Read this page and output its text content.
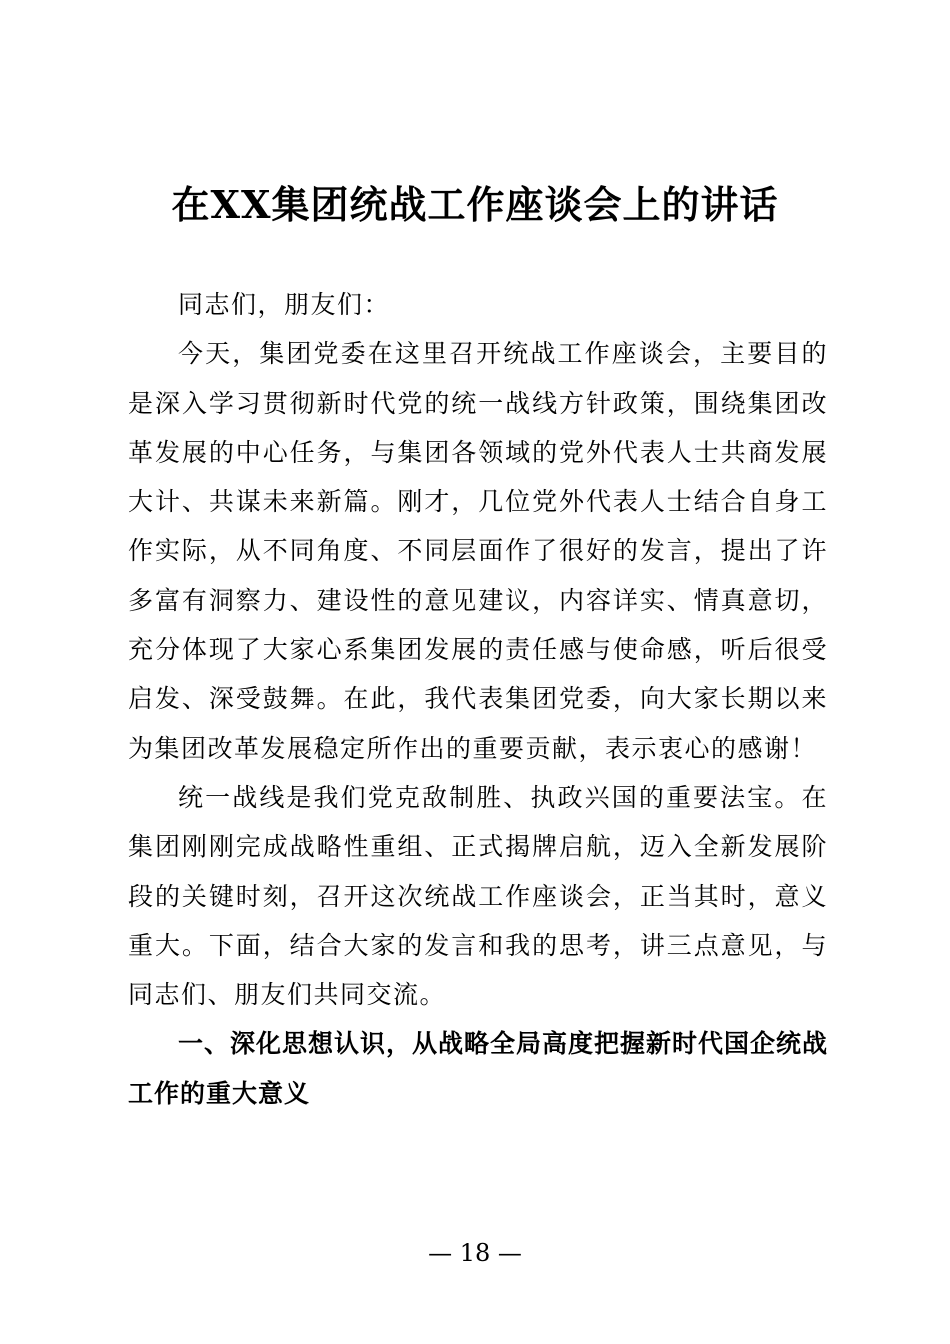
在XX集团统战工作座谈会上的讲话

同志们，朋友们：

今天，集团党委在这里召开统战工作座谈会，主要目的是深入学习贯彻新时代党的统一战线方针政策，围绕集团改革发展的中心任务，与集团各领域的党外代表人士共商发展大计、共谋未来新篇。刚才，几位党外代表人士结合自身工作实际，从不同角度、不同层面作了很好的发言，提出了许多富有洞察力、建设性的意见建议，内容详实、情真意切，充分体现了大家心系集团发展的责任感与使命感，听后很受启发、深受鼓舞。在此，我代表集团党委，向大家长期以来为集团改革发展稳定所作出的重要贡献，表示衷心的感谢！

统一战线是我们党克敌制胜、执政兴国的重要法宝。在集团刚刚完成战略性重组、正式揭牌启航，迈入全新发展阶段的关键时刻，召开这次统战工作座谈会，正当其时，意义重大。下面，结合大家的发言和我的思考，讲三点意见，与同志们、朋友们共同交流。

一、深化思想认识，从战略全局高度把握新时代国企统战工作的重大意义

— 18 —
